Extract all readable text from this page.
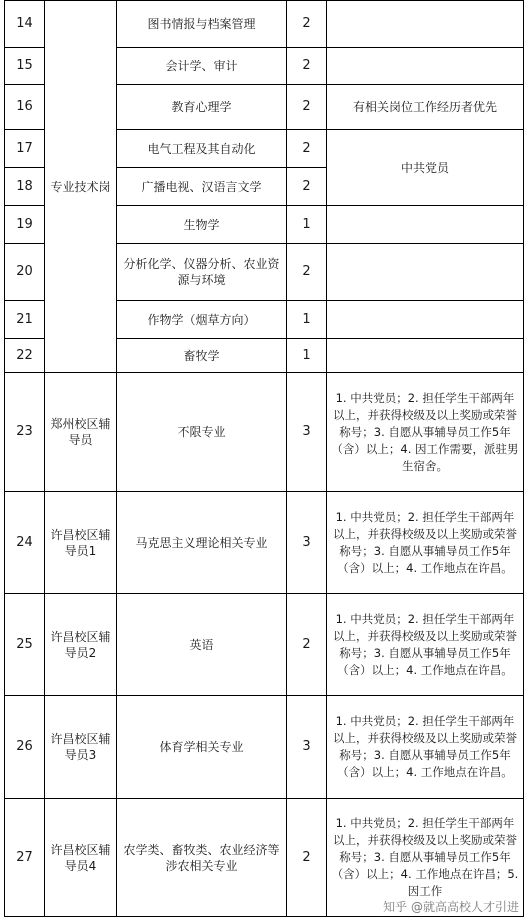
14	专业技术岗	图书情报与档案管理	2	
15		会计学、审计	2	
16		教育心理学	2	有相关岗位工作经历者优先
17		电气工程及其自动化	2	中共党员
18		广播电视、汉语言文学	2	
19		生物学	1	
20		分析化学、仪器分析、农业资源与环境	2	
21		作物学（烟草方向）	1	
22		畜牧学	1	
23	郑州校区辅导员	不限专业	3	1. 中共党员；2. 担任学生干部两年以上，并获得校级及以上奖励或荣誉称号；3. 自愿从事辅导员工作5年（含）以上；4. 因工作需要，派驻男生宿舍。
24	许昌校区辅导员1	马克思主义理论相关专业	3	1. 中共党员；2. 担任学生干部两年以上，并获得校级及以上奖励或荣誉称号；3. 自愿从事辅导员工作5年（含）以上；4. 工作地点在许昌。
25	许昌校区辅导员2	英语	2	1. 中共党员；2. 担任学生干部两年以上，并获得校级及以上奖励或荣誉称号；3. 自愿从事辅导员工作5年（含）以上；4. 工作地点在许昌。
26	许昌校区辅导员3	体育学相关专业	3	1. 中共党员；2. 担任学生干部两年以上，并获得校级及以上奖励或荣誉称号；3. 自愿从事辅导员工作5年（含）以上；4. 工作地点在许昌。
27	许昌校区辅导员4	农学类、畜牧类、农业经济等涉农相关专业	2	1. 中共党员；2. 担任学生干部两年以上，并获得校级及以上奖励或荣誉称号；3. 自愿从事辅导员工作5年（含）以上；4. 工作地点在许昌；5. 因工作
知乎 @就高高校人才引进
